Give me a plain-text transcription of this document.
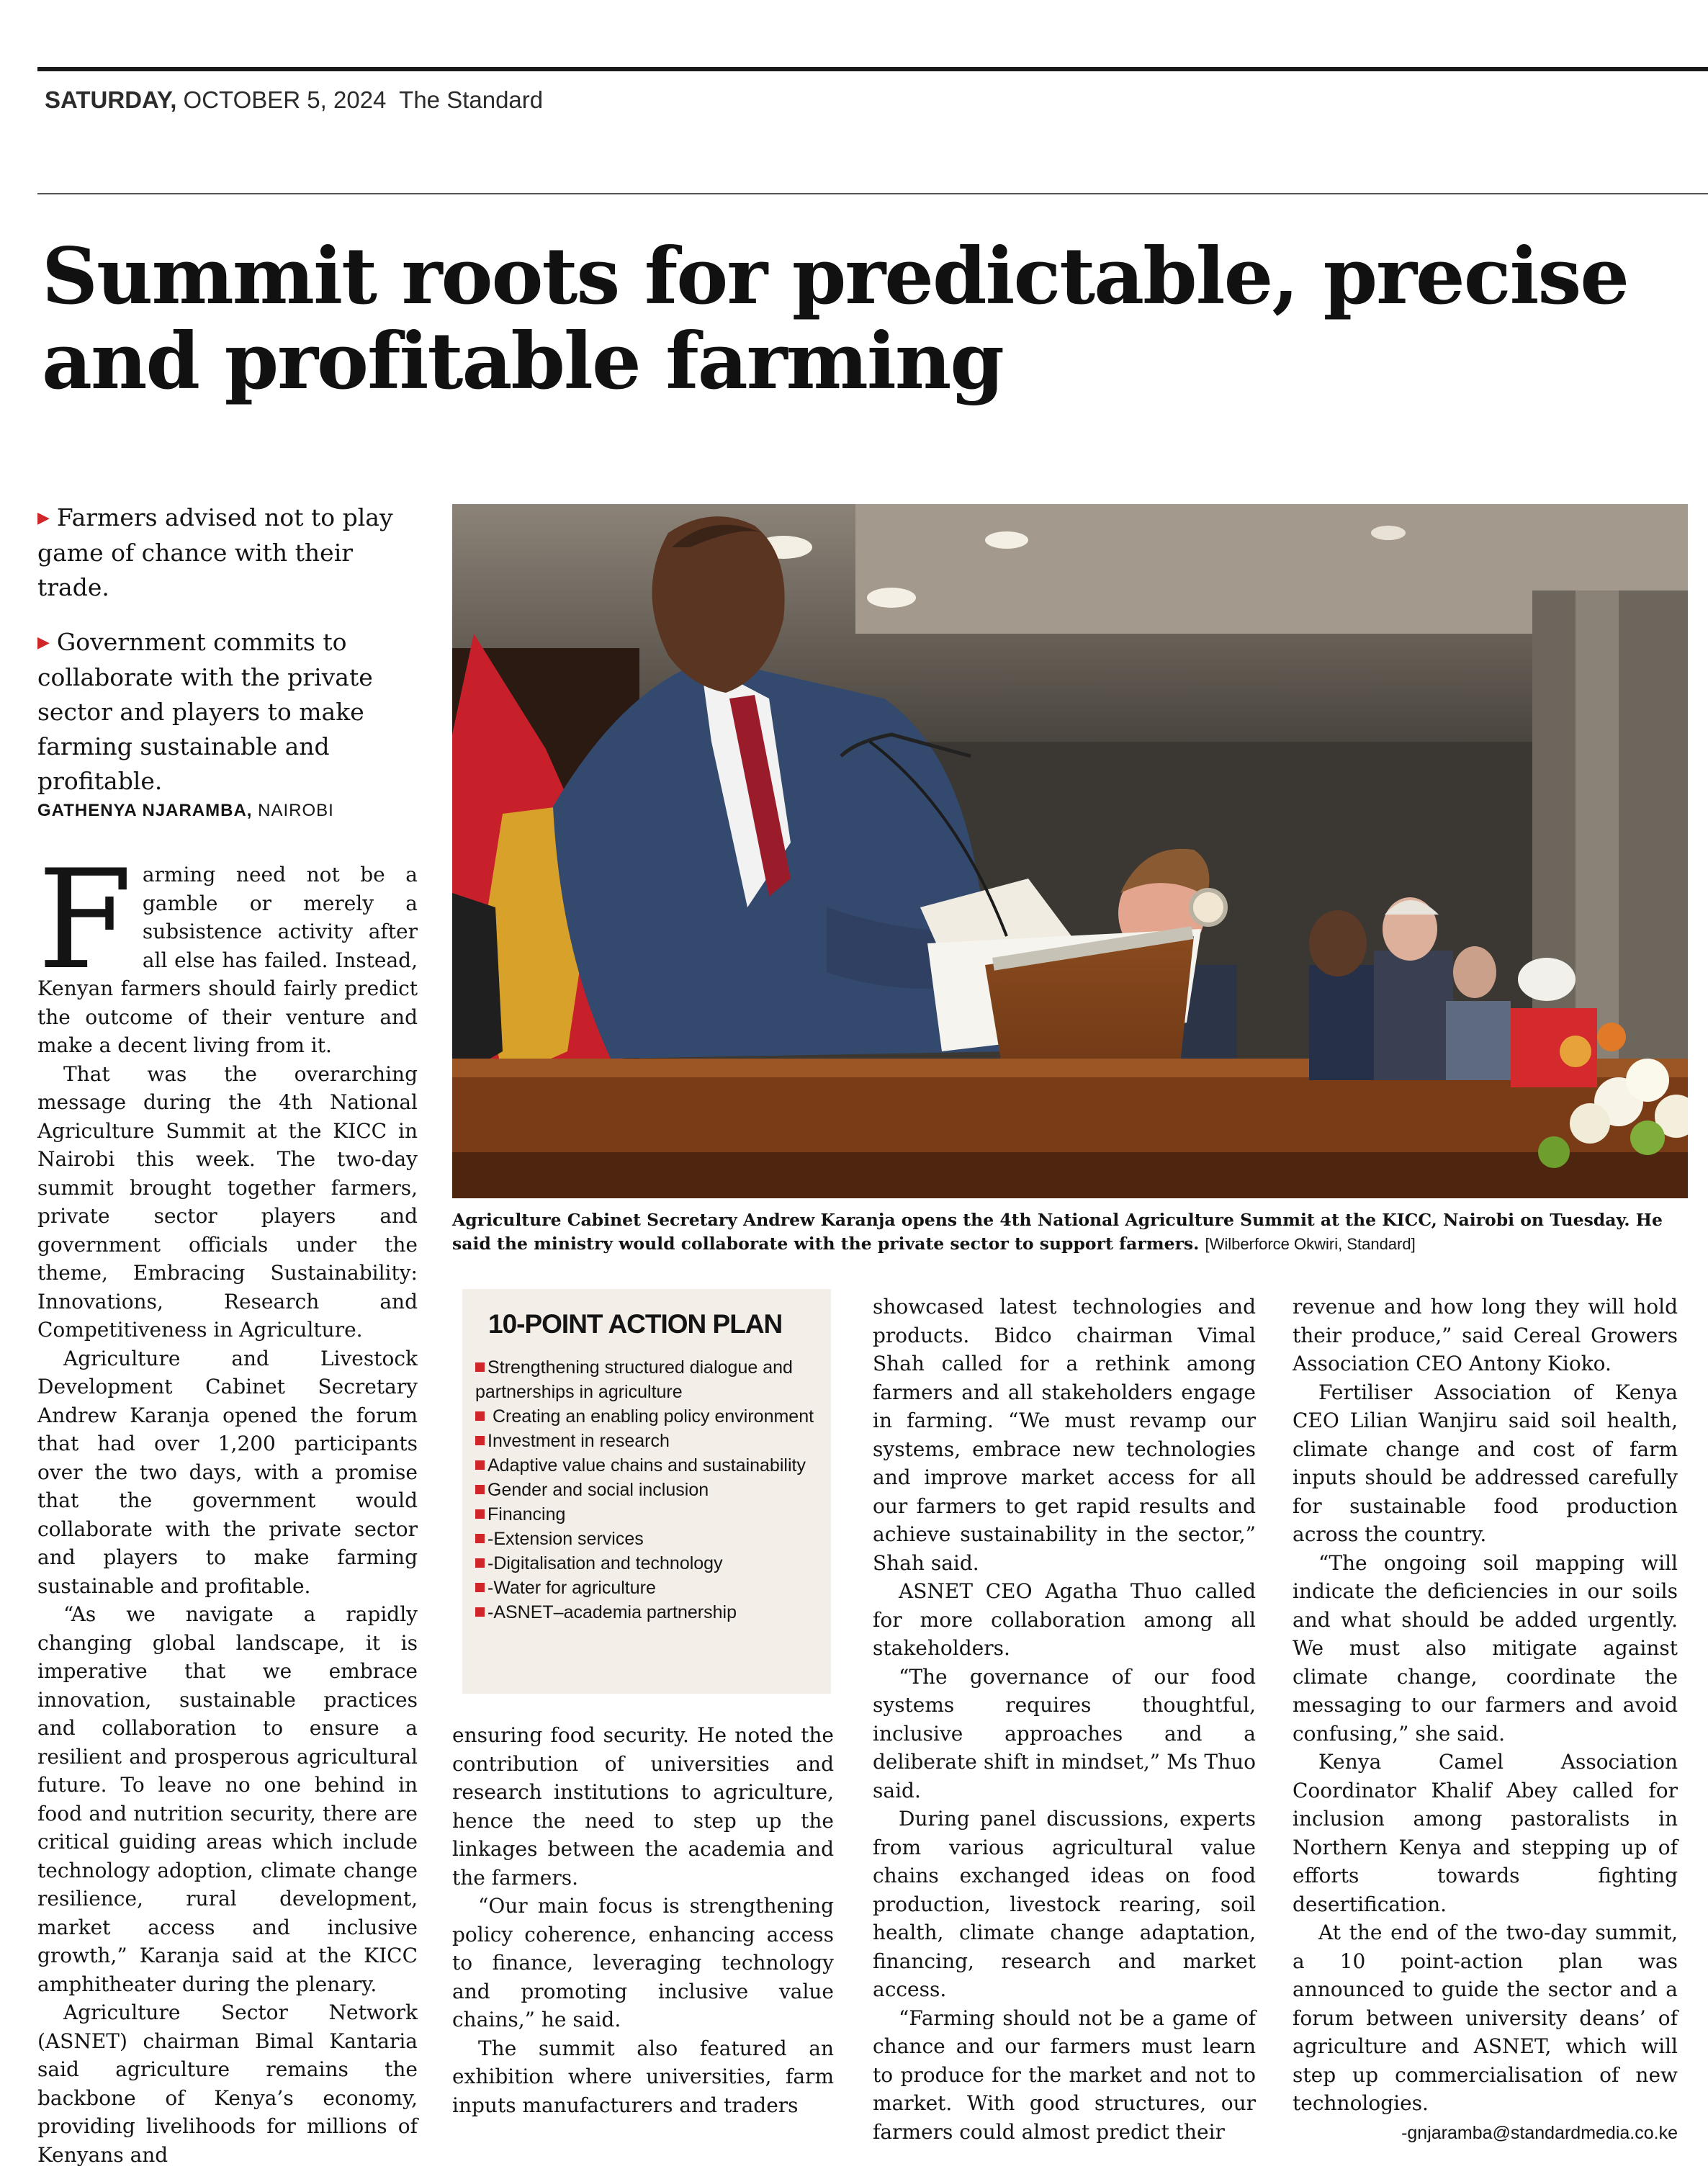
SATURDAY, OCTOBER 5, 2024 The Standard
Summit roots for predictable, precise and profitable farming

▶ Farmers advised not to play game of chance with their trade.

▶ Government commits to collaborate with the private sector and players to make farming sustainable and profitable.

GATHENYA NJARAMBA, NAIROBI

Farming need not be a gamble or merely a subsistence activity after all else has failed. Instead, Kenyan farmers should fairly predict the outcome of their venture and make a decent living from it.

That was the overarching message during the 4th National Agriculture Summit at the KICC in Nairobi this week. The two-day summit brought together farmers, private sector players and government officials under the theme, Embracing Sustainability: Innovations, Research and Competitiveness in Agriculture.

Agriculture and Livestock Development Cabinet Secretary Andrew Karanja opened the forum that had over 1,200 participants over the two days, with a promise that the government would collaborate with the private sector and players to make farming sustainable and profitable.

“As we navigate a rapidly changing global landscape, it is imperative that we embrace innovation, sustainable practices and collaboration to ensure a resilient and prosperous agricultural future. To leave no one behind in food and nutrition security, there are critical guiding areas which include technology adoption, climate change resilience, rural development, market access and inclusive growth,” Karanja said at the KICC amphitheater during the plenary.

Agriculture Sector Network (ASNET) chairman Bimal Kantaria said agriculture remains the backbone of Kenya’s economy, providing livelihoods for millions of Kenyans and

Agriculture Cabinet Secretary Andrew Karanja opens the 4th National Agriculture Summit at the KICC, Nairobi on Tuesday. He said the ministry would collaborate with the private sector to support farmers. [Wilberforce Okwiri, Standard]
10-POINT ACTION PLAN

Strengthening structured dialogue and partnerships in agriculture

Creating an enabling policy environment

Investment in research

Adaptive value chains and sustainability

Gender and social inclusion

Financing

-Extension services

-Digitalisation and technology

-Water for agriculture

-ASNET–academia partnership

ensuring food security. He noted the contribution of universities and research institutions to agriculture, hence the need to step up the linkages between the academia and the farmers.

“Our main focus is strengthening policy coherence, enhancing access to finance, leveraging technology and promoting inclusive value chains,” he said.

The summit also featured an exhibition where universities, farm inputs manufacturers and traders

showcased latest technologies and products. Bidco chairman Vimal Shah called for a rethink among farmers and all stakeholders engage in farming. “We must revamp our systems, embrace new technologies and improve market access for all our farmers to get rapid results and achieve sustainability in the sector,” Shah said.

ASNET CEO Agatha Thuo called for more collaboration among all stakeholders.

“The governance of our food systems requires thoughtful, inclusive approaches and a deliberate shift in mindset,” Ms Thuo said.

During panel discussions, experts from various agricultural value chains exchanged ideas on food production, livestock rearing, soil health, climate change adaptation, financing, research and market access.

“Farming should not be a game of chance and our farmers must learn to produce for the market and not to market. With good structures, our farmers could almost predict their

revenue and how long they will hold their produce,” said Cereal Growers Association CEO Antony Kioko.

Fertiliser Association of Kenya CEO Lilian Wanjiru said soil health, climate change and cost of farm inputs should be addressed carefully for sustainable food production across the country.

“The ongoing soil mapping will indicate the deficiencies in our soils and what should be added urgently. We must also mitigate against climate change, coordinate the messaging to our farmers and avoid confusing,” she said.

Kenya Camel Association Coordinator Khalif Abey called for inclusion among pastoralists in Northern Kenya and stepping up of efforts towards fighting desertification.

At the end of the two-day summit, a 10 point-action plan was announced to guide the sector and a forum between university deans’ of agriculture and ASNET, which will step up commercialisation of new technologies.

-gnjaramba@standardmedia.co.ke
